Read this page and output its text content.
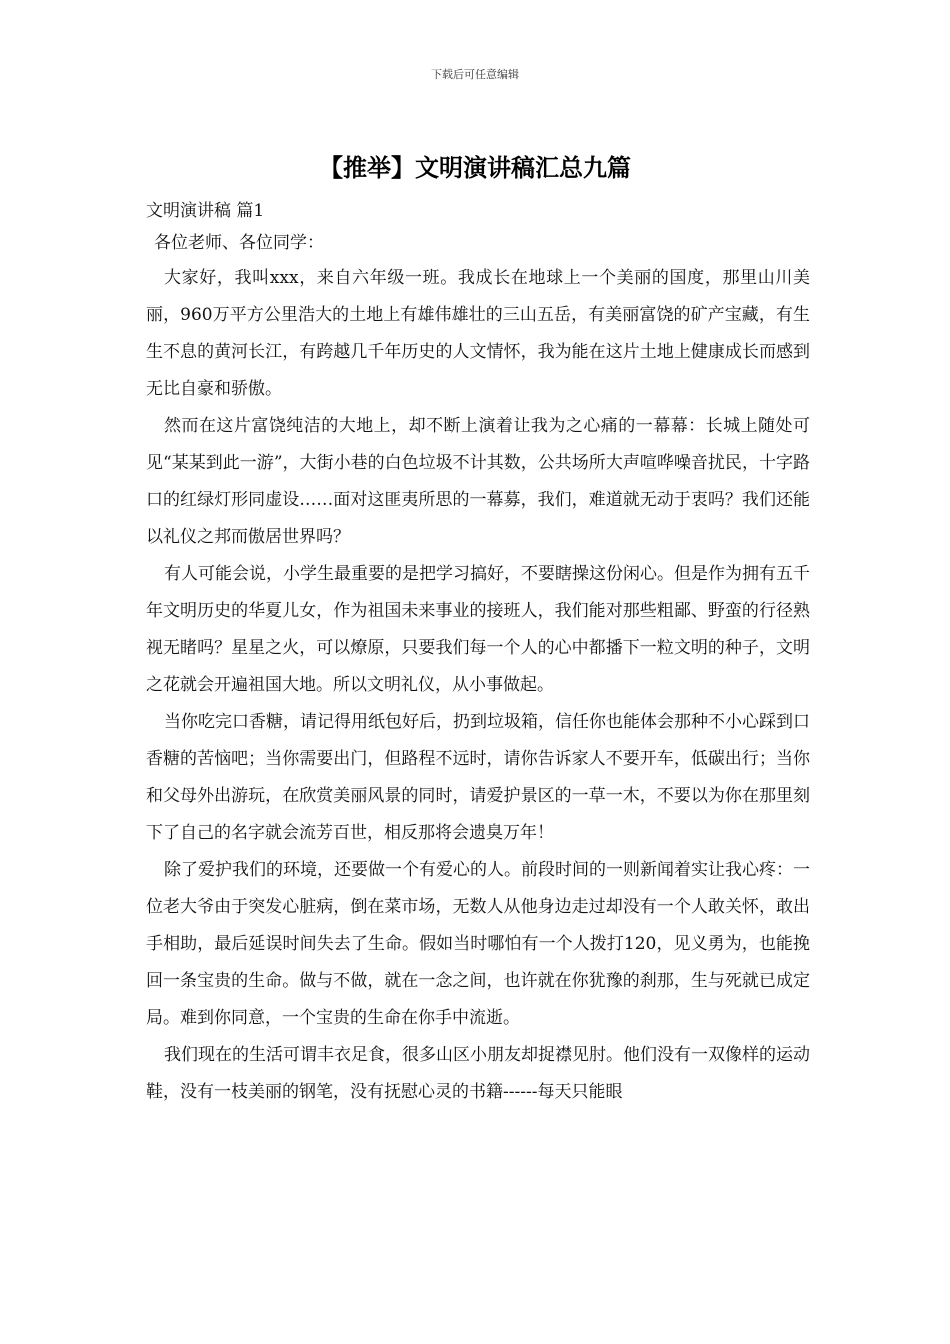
下载后可任意编辑
【推举】文明演讲稿汇总九篇

文明演讲稿 篇1

各位老师、各位同学：

大家好，我叫xxx，来自六年级一班。我成长在地球上一个美丽的国度，那里山川美丽，960万平方公里浩大的土地上有雄伟雄壮的三山五岳，有美丽富饶的矿产宝藏，有生生不息的黄河长江，有跨越几千年历史的人文情怀，我为能在这片土地上健康成长而感到无比自豪和骄傲。

然而在这片富饶纯洁的大地上，却不断上演着让我为之心痛的一幕幕：长城上随处可见“某某到此一游”，大街小巷的白色垃圾不计其数，公共场所大声喧哗噪音扰民，十字路口的红绿灯形同虚设……面对这匪夷所思的一幕募，我们，难道就无动于衷吗？我们还能以礼仪之邦而傲居世界吗？

有人可能会说，小学生最重要的是把学习搞好，不要瞎操这份闲心。但是作为拥有五千年文明历史的华夏儿女，作为祖国未来事业的接班人，我们能对那些粗鄙、野蛮的行径熟视无睹吗？星星之火，可以燎原，只要我们每一个人的心中都播下一粒文明的种子，文明之花就会开遍祖国大地。所以文明礼仪，从小事做起。

当你吃完口香糖，请记得用纸包好后，扔到垃圾箱，信任你也能体会那种不小心踩到口香糖的苦恼吧；当你需要出门，但路程不远时，请你告诉家人不要开车，低碳出行；当你和父母外出游玩，在欣赏美丽风景的同时，请爱护景区的一草一木，不要以为你在那里刻下了自己的名字就会流芳百世，相反那将会遗臭万年！

除了爱护我们的环境，还要做一个有爱心的人。前段时间的一则新闻着实让我心疼：一位老大爷由于突发心脏病，倒在菜市场，无数人从他身边走过却没有一个人敢关怀，敢出手相助，最后延误时间失去了生命。假如当时哪怕有一个人拨打120，见义勇为，也能挽回一条宝贵的生命。做与不做，就在一念之间，也许就在你犹豫的刹那，生与死就已成定局。难到你同意，一个宝贵的生命在你手中流逝。

我们现在的生活可谓丰衣足食，很多山区小朋友却捉襟见肘。他们没有一双像样的运动鞋，没有一枝美丽的钢笔，没有抚慰心灵的书籍------每天只能眼
